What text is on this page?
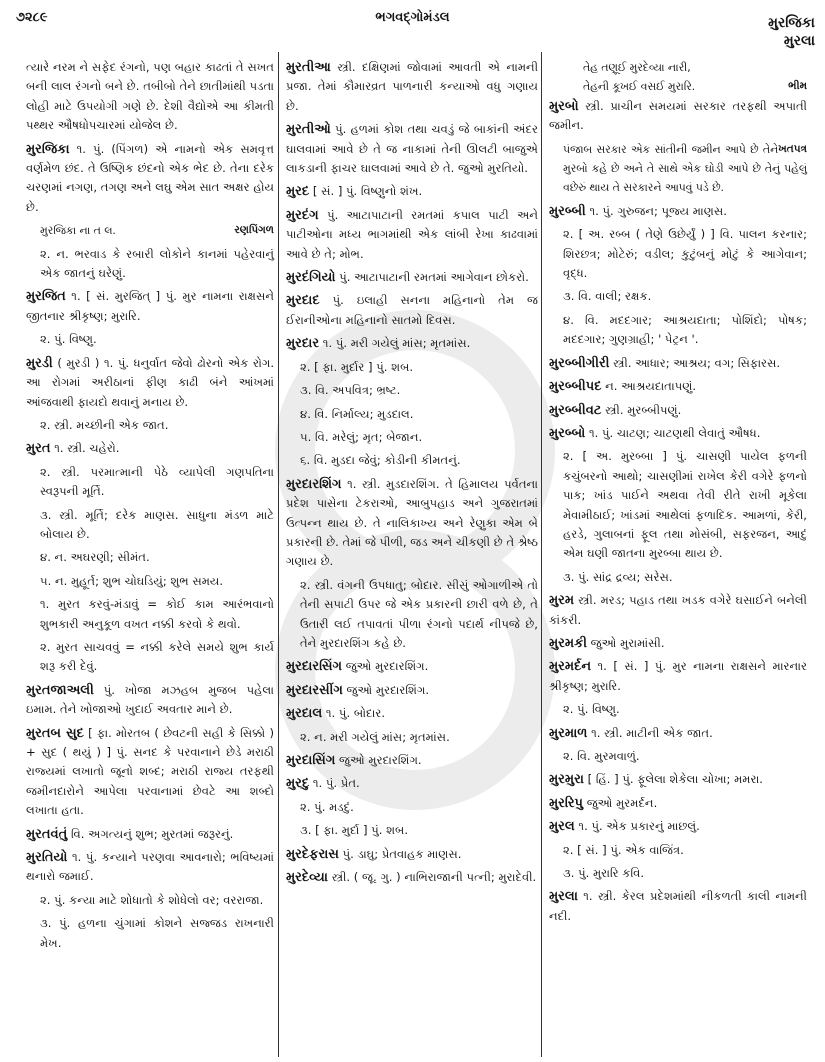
૭૨૮૯	ભગવદ્ગોમંડલ	મુરજિકા
મુરલા
ત્યારે નરમ ને સફેદ રંગનો, પણ બહાર કાઢતાં તે સખત બની લાલ રંગનો બને છે. તબીબો તેને છાતીમાંથી પડતા લોહી માટે ઉપયોગી ગણે છે. દેશી વૈદ્યોએ આ કીમતી પથ્થર ઔષધોપચારમાં યોજેલ છે.
મુરજિકા ૧. પું. (પિંગળ) એ નામનો એક સમવૃત્ત વર્ણમેળ છંદ. તે ઉષ્ણિક છંદનો એક ભેદ છે. તેના દરેક ચરણમાં નગણ, તગણ અને લઘુ એમ સાત અક્ષર હોય છે.
રણપિંગળ
મુરજિકા ના ત લ.
૨. ન. ભરવાડ કે રબારી લોકોને કાનમાં પહેરવાનું એક જાતનું ઘરેણું.
મુરજિત ૧. [ સં. મુરજિત્ ] પું. મુર નામના રાક્ષસને જીતનાર શ્રીકૃષ્ણ; મુરારિ.
૨. પું. વિષ્ણુ.
મુરડી ( મુરડી ) ૧. પું. ધનુર્વાત જેવો ઢોરનો એક રોગ. આ રોગમાં અરીઠાનાં ફીણ કાઢી બંને આંખમાં આંજવાથી ફાયદો થવાનું મનાય છે.
૨. સ્ત્રી. મચ્છીની એક જાત.
મુરત ૧. સ્ત્રી. ચહેરો.
૨. સ્ત્રી. પરમાત્માની પેઠે વ્યાપેલી ગણપતિના સ્વરૂપની મૂર્તિ.
૩. સ્ત્રી. મૂર્તિ; દરેક માણસ. સાધુના મંડળ માટે બોલાય છે.
૪. ન. અઘરણી; સીમંત.
૫. ન. મુહૂર્ત; શુભ ચોઘડિયું; શુભ સમય.
૧. મુરત કરવું-મંડાવું = કોઈ કામ આરંભવાનો શુભકારી અનુકૂળ વખત નક્કી કરવો કે થવો.
૨. મુરત સાચવવું = નક્કી કરેલે સમયે શુભ કાર્ય શરૂ કરી દેવું.
મુરતજાઅલી પું. ખોજા મઝહબ મુજબ પહેલા ઇમામ. તેને ખોજાઓ ખુદાઈ અવતાર માને છે.
મુરતબ સુદ [ ફા. મોરતબ ( છેવટની સહી કે સિક્કો ) + સુદ ( થયું ) ] પું. સનદ કે પરવાનાને છેડે મરાઠી રાજ્યમાં લખાતો જૂનો શબ્દ; મરાઠી રાજ્ય તરફથી જમીનદારોને આપેલા પરવાનામાં છેવટે આ શબ્દો લખાતા હતા.
મુરતવંતું વિ. અગત્યનું શુભ; મુરતમાં જરૂરનું.
મુરતિયો ૧. પું. કન્યાને પરણવા આવનારો; ભવિષ્યમાં થનારો જમાઈ.
૨. પું. કન્યા માટે શોધાતો કે શોધેલો વર; વરરાજા.
૩. પું. હળના ચુંગામાં કોશને સજ્જડ રાખનારી મેખ.
મુરતીઆ સ્ત્રી. દક્ષિણમાં જોવામાં આવતી એ નામની પ્રજા. તેમાં કૌમારવ્રત પાળનારી કન્યાઓ વધુ ગણાય છે.
મુરતીઓ પું. હળમાં કોશ તથા ચવડું જે બાકાંની અંદર ઘાલવામાં આવે છે તે જ નાકામાં તેની ઊલટી બાજુએ લાકડાની ફાચર ઘાલવામાં આવે છે તે. જુઓ મુરતિયો.
મુરદ [ સં. ] પું. વિષ્ણુનો શંખ.
મુરદંગ પું. આટાપાટાની રમતમાં કપાલ પાટી અને પાટીઓના મધ્ય ભાગમાંથી એક લાંબી રેખા કાઢવામાં આવે છે તે; મોભ.
મુરદંગિયો પું. આટાપાટાની રમતમાં આગેવાન છોકરો.
મુરદાદ પું. ઇલાહી સનના મહિનાનો તેમ જ ઈરાનીઓના મહિનાનો સાતમો દિવસ.
મુરદાર ૧. પું. મરી ગયેલું માંસ; મૃતમાંસ.
૨. [ ફા. મુર્દાર ] પું. શબ.
૩. વિ. અપવિત્ર; ભ્રષ્ટ.
૪. વિ. નિર્માલ્ય; મુડદાલ.
૫. વિ. મરેલું; મૃત; બેજાન.
૬. વિ. મુડદા જેવું; કોડીની કીમતનું.
મુરદારશિંગ ૧. સ્ત્રી. મુડદારશિંગ. તે હિમાલય પર્વતના પ્રદેશ પાસેના ટેકરાઓ, આબુપહાડ અને ગુજરાતમાં ઉત્પન્ન થાય છે. તે નાલિકાખ્ય અને રેણુકા એમ બે પ્રકારની છે. તેમાં જે પીળી, જડ અને ચીકણી છે તે શ્રેષ્ઠ ગણાય છે.
૨. સ્ત્રી. વંગની ઉપધાતુ; બોદાર. સીસું ઓગાળીએ તો તેની સપાટી ઉપર જે એક પ્રકારની છારી વળે છે, તે ઉતારી લઈ તપાવતાં પીળા રંગનો પદાર્થ નીપજે છે, તેને મુરદારશિંગ કહે છે.
મુરદારસિંગ જુઓ મુરદારશિંગ.
મુરદારસીંગ જુઓ મુરદારશિંગ.
મુરદાલ ૧. પું. બોદાર.
૨. ન. મરી ગયેલું માંસ; મૃતમાંસ.
મુરદાસિંગ જુઓ મુરદારશિંગ.
મુરદુ ૧. પું. પ્રેત.
૨. પું. મડદું.
૩. [ ફા. મુર્દા ] પું. શબ.
મુરદેફરાસ પું. ડાઘુ; પ્રેતવાહક માણસ.
મુરદેવ્યા સ્ત્રી. ( જૂ. ગુ. ) નાભિરાજાની પત્ની; મુરાદેવી.
તેહ તણૂઈ મુરદેવ્યા નારી,
ભીમ
તેહની કૂખઈ વસઈ મુરારિ.
મુરબો સ્ત્રી. પ્રાચીન સમયમાં સરકાર તરફથી અપાતી જમીન.
ખતપત્ર
પંજાબ સરકાર એક સાંતીની જમીન આપે છે તેને મુરબો કહે છે અને તે સાથે એક ઘોડી આપે છે તેનું પહેલું વછેરું થાય તે સરકારને આપવું પડે છે.
મુરબ્બી ૧. પું. ગુરુજન; પૂજ્ય માણસ.
૨. [ અ. રબ્બ ( તેણે ઉછેર્યું ) ] વિ. પાલન કરનાર; શિરછત્ર; મોટેરું; વડીલ; કુટુંબનું મોટું કે આગેવાન; વૃદ્ધ.
૩. વિ. વાલી; રક્ષક.
૪. વિ. મદદગાર; આશ્રયદાતા; પોશિંદો; પોષક; મદદગાર; ગુણગ્રાહી; ' પેટ્રન '.
મુરબ્બીગીરી સ્ત્રી. આધાર; આશ્રય; વગ; સિફારસ.
મુરબ્બીપદ ન. આશ્રયદાતાપણું.
મુરબ્બીવટ સ્ત્રી. મુરબ્બીપણું.
મુરબ્બો ૧. પું. ચાટણ; ચાટણથી લેવાતું ઔષધ.
૨. [ અ. મુરબ્બા ] પું. ચાસણી પાયેલ ફળની કચુંબરનો આથો; ચાસણીમાં રાખેલ કેરી વગેરે ફળનો પાક; ખાંડ પાઈને અથવા તેવી રીતે રાખી મૂકેલા મેવામીઠાઈ; ખાંડમાં આથેલાં ફળાદિક. આમળાં, કેરી, હરડે, ગુલાબનાં ફૂલ તથા મોસંબી, સફરજન, આદું એમ ઘણી જાતના મુરબ્બા થાય છે.
૩. પું. સાંદ્ર દ્રવ્ય; સરેસ.
મુરમ સ્ત્રી. મરડ; પહાડ તથા ખડક વગેરે ઘસાઈને બનેલી કાંકરી.
મુરમકી જુઓ મુરામાંસી.
મુરમર્દન ૧. [ સં. ] પું. મુર નામના રાક્ષસને મારનાર શ્રીકૃષ્ણ; મુરારિ.
૨. પું. વિષ્ણુ.
મુરમાળ ૧. સ્ત્રી. માટીની એક જાત.
૨. વિ. મુરમવાળું.
મુરમુરા [ હિં. ] પું. ફૂલેલા શેકેલા ચોખા; મમરા.
મુરરિપુ જુઓ મુરમર્દન.
મુરલ ૧. પું. એક પ્રકારનું માછલું.
૨. [ સં. ] પું. એક વાજિંત્ર.
૩. પું. મુરારિ કવિ.
મુરલા ૧. સ્ત્રી. કેરલ પ્રદેશમાંથી નીકળતી કાલી નામની નદી.
